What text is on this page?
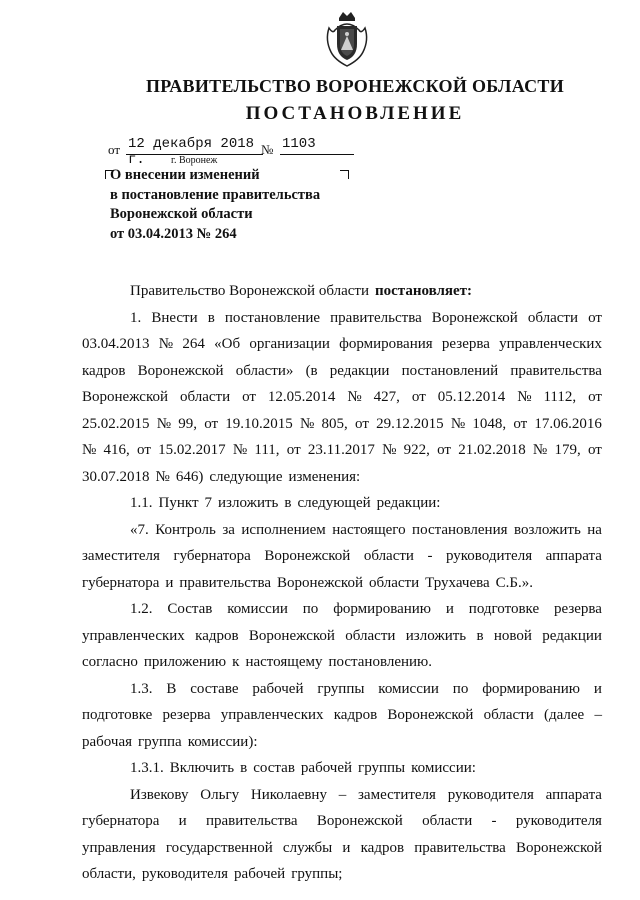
ПРАВИТЕЛЬСТВО ВОРОНЕЖСКОЙ ОБЛАСТИ
ПОСТАНОВЛЕНИЕ
от 12 декабря 2018 г.
№ 1103
г. Воронеж
О внесении изменений
в постановление правительства
Воронежской области
от 03.04.2013 № 264
Правительство Воронежской области постановляет:
1. Внести в постановление правительства Воронежской области от
03.04.2013 № 264 «Об организации формирования резерва управленческих
кадров Воронежской области» (в редакции постановлений правительства
Воронежской области от 12.05.2014 № 427, от 05.12.2014 № 1112, от
25.02.2015 № 99, от 19.10.2015 № 805, от 29.12.2015 № 1048, от 17.06.2016
№ 416, от 15.02.2017 № 111, от 23.11.2017 № 922, от 21.02.2018 № 179, от
30.07.2018 № 646) следующие изменения:
1.1. Пункт 7 изложить в следующей редакции:
«7. Контроль за исполнением настоящего постановления возложить на
заместителя губернатора Воронежской области - руководителя аппарата
губернатора и правительства Воронежской области Трухачева С.Б.».
1.2. Состав комиссии по формированию и подготовке резерва
управленческих кадров Воронежской области изложить в новой редакции
согласно приложению к настоящему постановлению.
1.3. В составе рабочей группы комиссии по формированию и
подготовке резерва управленческих кадров Воронежской области (далее –
рабочая группа комиссии):
1.3.1. Включить в состав рабочей группы комиссии:
Извекову Ольгу Николаевну – заместителя руководителя аппарата
губернатора и правительства Воронежской области - руководителя
управления государственной службы и кадров правительства Воронежской
области, руководителя рабочей группы;
